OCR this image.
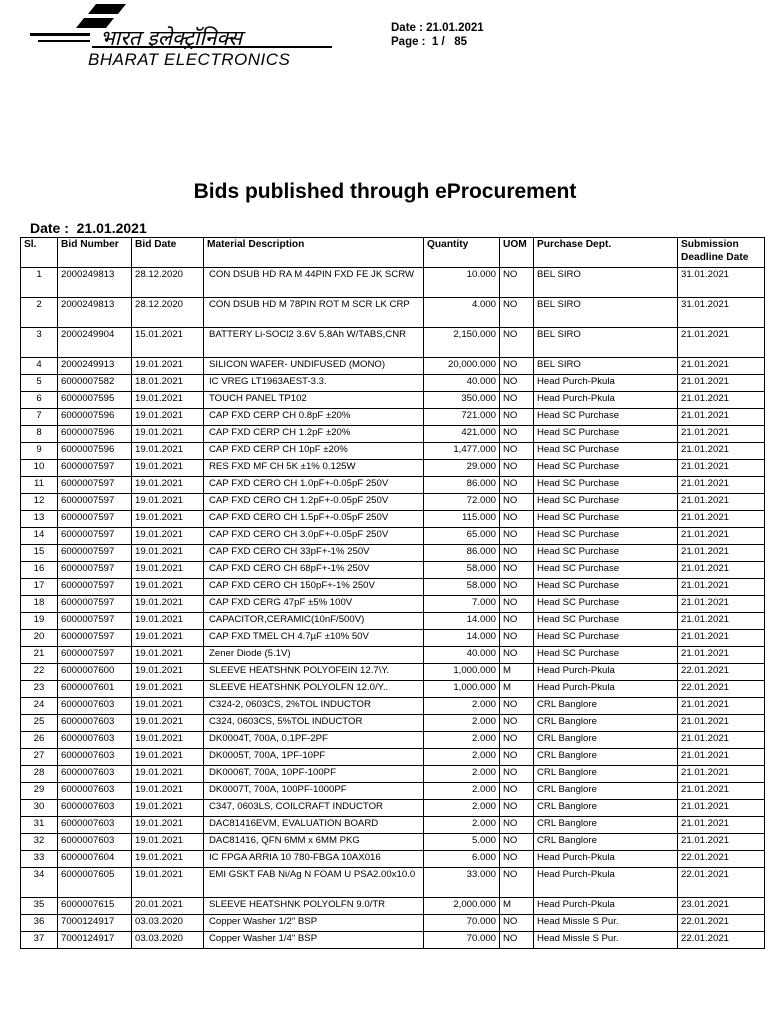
भारत इलेक्ट्रॉनिक्स
BHARAT ELECTRONICS
Date : 21.01.2021
Page :  1 /   85
Bids published through eProcurement
Date :  21.01.2021
Sl.	Bid Number	Bid Date	Material Description	Quantity	UOM	Purchase Dept.	Submission Deadline Date
1	2000249813	28.12.2020	CON DSUB HD RA M 44PIN FXD FE JK SCRW	10.000	NO	BEL SIRO	31.01.2021
2	2000249813	28.12.2020	CON DSUB HD M 78PIN ROT M SCR LK CRP	4.000	NO	BEL SIRO	31.01.2021
3	2000249904	15.01.2021	BATTERY Li-SOCl2 3.6V 5.8Ah W/TABS,CNR	2,150.000	NO	BEL SIRO	21.01.2021
4	2000249913	19.01.2021	SILICON WAFER- UNDIFUSED (MONO)	20,000.000	NO	BEL SIRO	21.01.2021
5	6000007582	18.01.2021	IC VREG LT1963AEST-3.3.	40.000	NO	Head Purch-Pkula	21.01.2021
6	6000007595	19.01.2021	TOUCH PANEL TP102	350.000	NO	Head Purch-Pkula	21.01.2021
7	6000007596	19.01.2021	CAP FXD CERP CH 0.8pF ±20%	721.000	NO	Head SC Purchase	21.01.2021
8	6000007596	19.01.2021	CAP FXD CERP CH 1.2pF ±20%	421.000	NO	Head SC Purchase	21.01.2021
9	6000007596	19.01.2021	CAP FXD CERP CH 10pF ±20%	1,477.000	NO	Head SC Purchase	21.01.2021
10	6000007597	19.01.2021	RES FXD MF CH 5K ±1% 0.125W	29.000	NO	Head SC Purchase	21.01.2021
11	6000007597	19.01.2021	CAP FXD CERO CH 1.0pF+-0.05pF 250V	86.000	NO	Head SC Purchase	21.01.2021
12	6000007597	19.01.2021	CAP FXD CERO CH 1.2pF+-0.05pF 250V	72.000	NO	Head SC Purchase	21.01.2021
13	6000007597	19.01.2021	CAP FXD CERO CH 1.5pF+-0.05pF 250V	115.000	NO	Head SC Purchase	21.01.2021
14	6000007597	19.01.2021	CAP FXD CERO CH 3.0pF+-0.05pF 250V	65.000	NO	Head SC Purchase	21.01.2021
15	6000007597	19.01.2021	CAP FXD CERO CH 33pF+-1% 250V	86.000	NO	Head SC Purchase	21.01.2021
16	6000007597	19.01.2021	CAP FXD CERO CH 68pF+-1% 250V	58.000	NO	Head SC Purchase	21.01.2021
17	6000007597	19.01.2021	CAP FXD CERO CH 150pF+-1% 250V	58.000	NO	Head SC Purchase	21.01.2021
18	6000007597	19.01.2021	CAP FXD CERG 47pF ±5% 100V	7.000	NO	Head SC Purchase	21.01.2021
19	6000007597	19.01.2021	CAPACITOR,CERAMIC(10nF/500V)	14.000	NO	Head SC Purchase	21.01.2021
20	6000007597	19.01.2021	CAP FXD TMEL CH 4.7µF ±10% 50V	14.000	NO	Head SC Purchase	21.01.2021
21	6000007597	19.01.2021	Zener Diode (5.1V)	40.000	NO	Head SC Purchase	21.01.2021
22	6000007600	19.01.2021	SLEEVE HEATSHNK POLYOFEIN 12.7\Y.	1,000.000	M	Head Purch-Pkula	22.01.2021
23	6000007601	19.01.2021	SLEEVE HEATSHNK POLYOLFN 12.0/Y..	1,000.000	M	Head Purch-Pkula	22.01.2021
24	6000007603	19.01.2021	C324-2, 0603CS, 2%TOL INDUCTOR	2.000	NO	CRL Banglore	21.01.2021
25	6000007603	19.01.2021	C324, 0603CS, 5%TOL INDUCTOR	2.000	NO	CRL Banglore	21.01.2021
26	6000007603	19.01.2021	DK0004T, 700A, 0.1PF-2PF	2.000	NO	CRL Banglore	21.01.2021
27	6000007603	19.01.2021	DK0005T, 700A, 1PF-10PF	2.000	NO	CRL Banglore	21.01.2021
28	6000007603	19.01.2021	DK0006T, 700A, 10PF-100PF	2.000	NO	CRL Banglore	21.01.2021
29	6000007603	19.01.2021	DK0007T, 700A, 100PF-1000PF	2.000	NO	CRL Banglore	21.01.2021
30	6000007603	19.01.2021	C347, 0603LS, COILCRAFT INDUCTOR	2.000	NO	CRL Banglore	21.01.2021
31	6000007603	19.01.2021	DAC81416EVM, EVALUATION BOARD	2.000	NO	CRL Banglore	21.01.2021
32	6000007603	19.01.2021	DAC81416, QFN 6MM x 6MM PKG	5.000	NO	CRL Banglore	21.01.2021
33	6000007604	19.01.2021	IC FPGA ARRIA 10 780-FBGA 10AX016	6.000	NO	Head Purch-Pkula	22.01.2021
34	6000007605	19.01.2021	EMI GSKT FAB Ni/Ag N FOAM U PSA2.00x10.0	33.000	NO	Head Purch-Pkula	22.01.2021
35	6000007615	20.01.2021	SLEEVE HEATSHNK POLYOLFN 9.0/TR	2,000.000	M	Head Purch-Pkula	23.01.2021
36	7000124917	03.03.2020	Copper Washer 1/2" BSP	70.000	NO	Head Missle S Pur.	22.01.2021
37	7000124917	03.03.2020	Copper Washer 1/4" BSP	70.000	NO	Head Missle S Pur.	22.01.2021
